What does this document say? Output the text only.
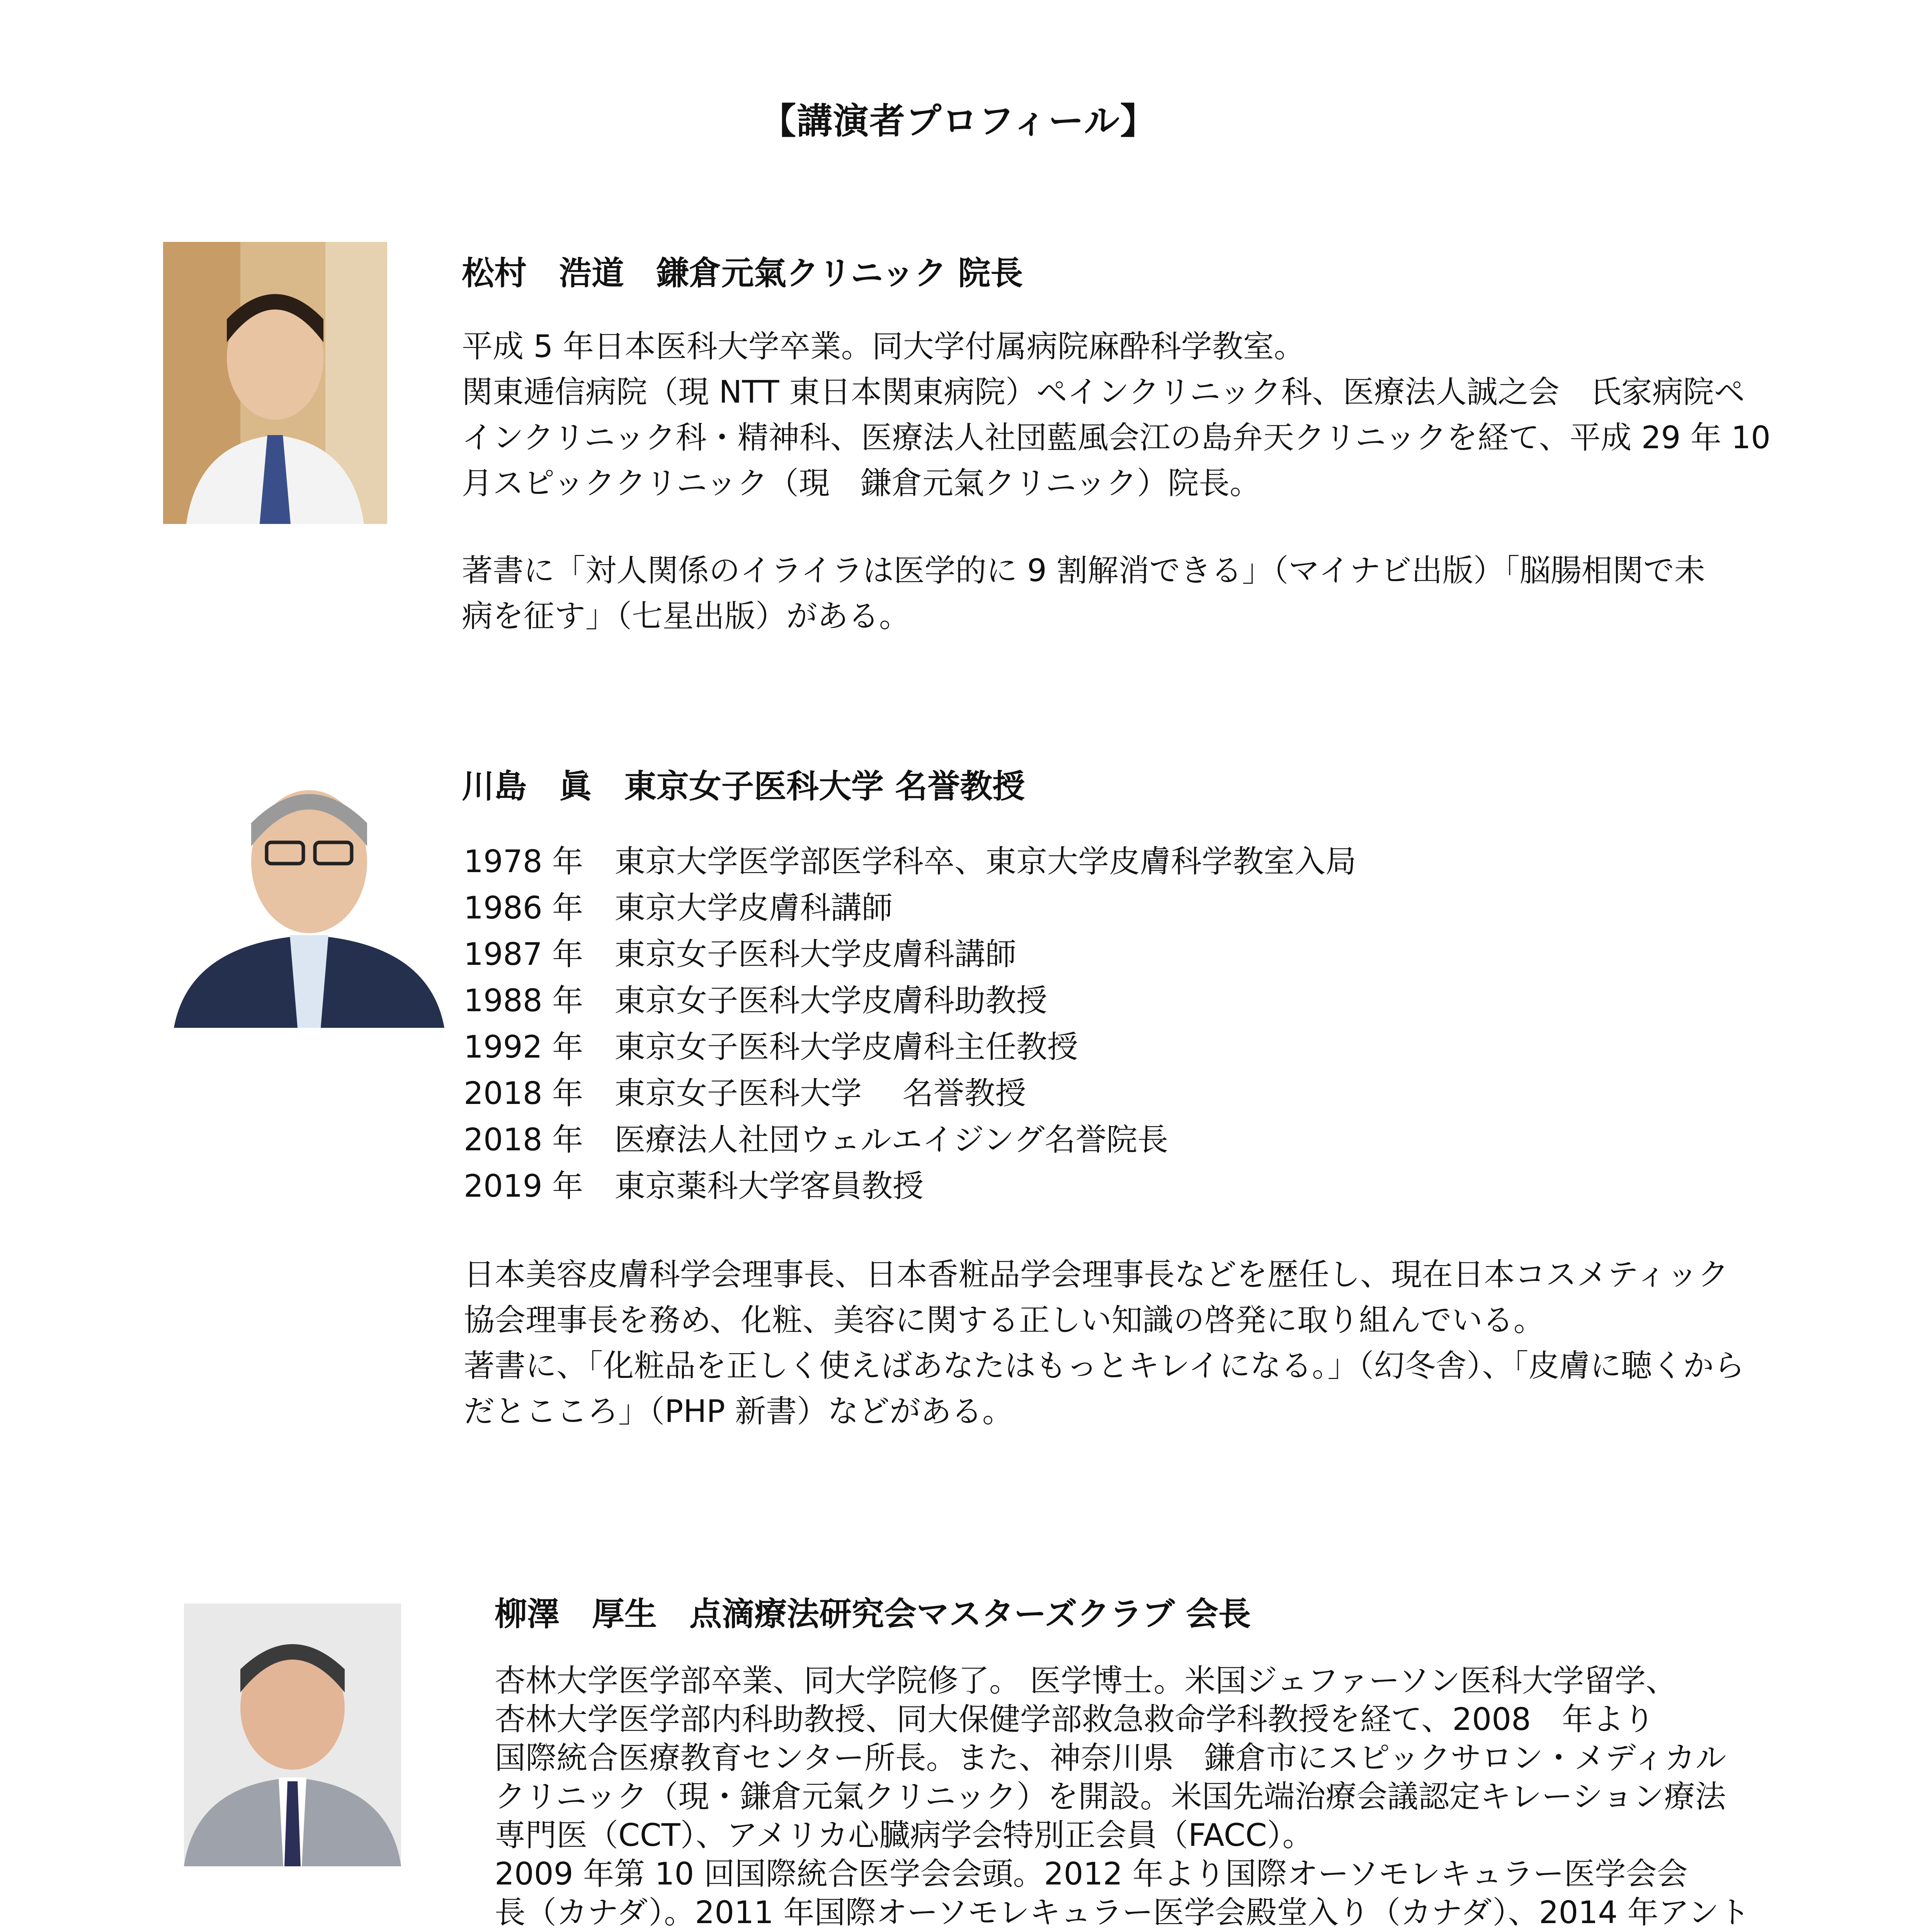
【講演者プロフィール】
松村　浩道　鎌倉元氣クリニック 院長
平成 5 年日本医科大学卒業。同大学付属病院麻酔科学教室。
関東逓信病院（現 NTT 東日本関東病院）ペインクリニック科、医療法人誠之会　氏家病院ペ
インクリニック科・精神科、医療法人社団藍風会江の島弁天クリニックを経て、平成 29 年 10
月スピッククリニック（現　鎌倉元氣クリニック）院長。
著書に「対人関係のイライラは医学的に 9 割解消できる」（マイナビ出版）「脳腸相関で未
病を征す」（七星出版）がある。
川島　眞　東京女子医科大学 名誉教授
1978 年 東京大学医学部医学科卒、東京大学皮膚科学教室入局
1986 年 東京大学皮膚科講師
1987 年 東京女子医科大学皮膚科講師
1988 年 東京女子医科大学皮膚科助教授
1992 年 東京女子医科大学皮膚科主任教授
2018 年 東京女子医科大学　 名誉教授
2018 年 医療法人社団ウェルエイジング名誉院長
2019 年 東京薬科大学客員教授
日本美容皮膚科学会理事長、日本香粧品学会理事長などを歴任し、現在日本コスメティック
協会理事長を務め、化粧、美容に関する正しい知識の啓発に取り組んでいる。
著書に、「化粧品を正しく使えばあなたはもっとキレイになる。」（幻冬舎）、「皮膚に聴くから
だとこころ」（PHP 新書）などがある。
柳澤　厚生　点滴療法研究会マスターズクラブ 会長
杏林大学医学部卒業、同大学院修了。 医学博士。米国ジェファーソン医科大学留学、
杏林大学医学部内科助教授、同大保健学部救急救命学科教授を経て、2008　年より
国際統合医療教育センター所長。また、神奈川県　鎌倉市にスピックサロン・メディカル
クリニック（現・鎌倉元氣クリニック）を開設。米国先端治療会議認定キレーション療法
専門医（CCT）、アメリカ心臓病学会特別正会員（FACC）。
2009 年第 10 回国際統合医学会会頭。2012 年より国際オーソモレキュラー医学会会
長（カナダ）。2011 年国際オーソモレキュラー医学会殿堂入り（カナダ）、2014 年アント
